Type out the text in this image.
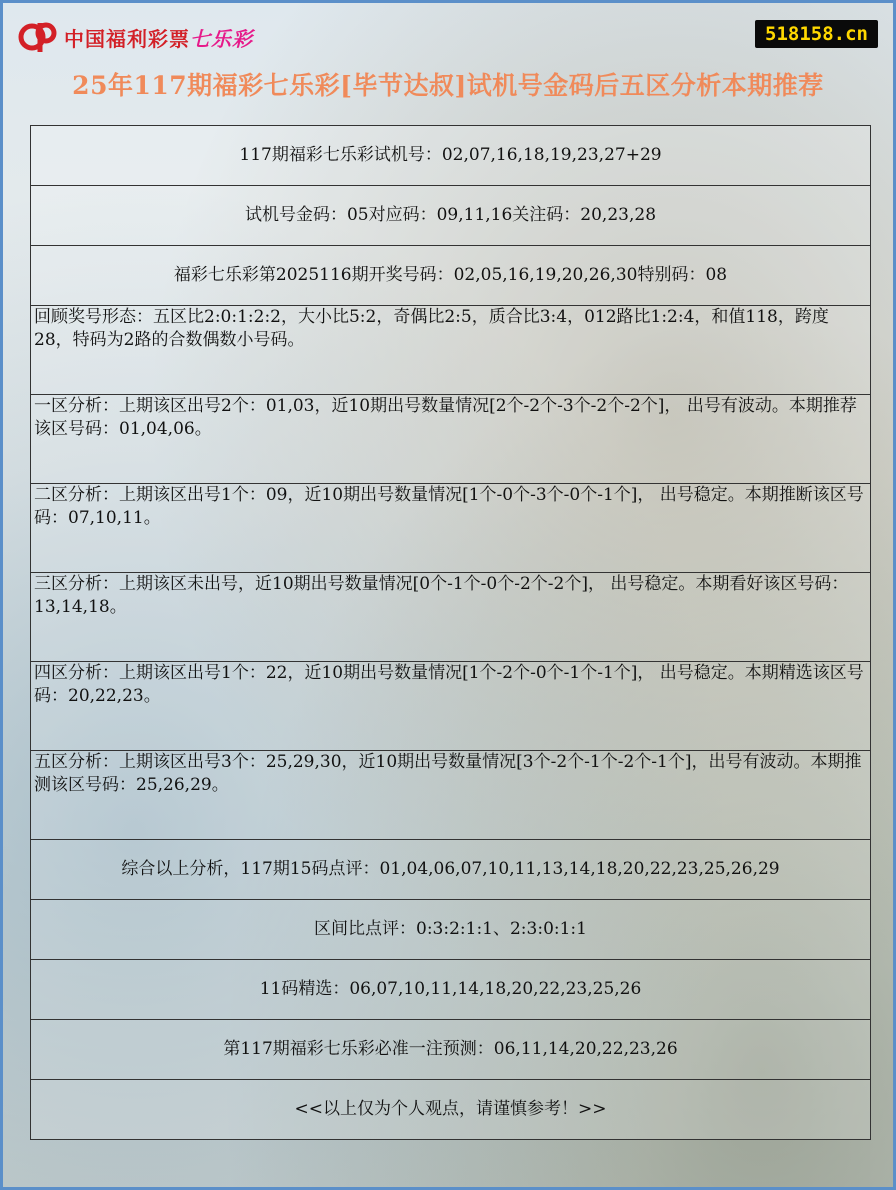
中国福利彩票七乐彩	518158.cn
25年117期福彩七乐彩[毕节达叔]试机号金码后五区分析本期推荐
117期福彩七乐彩试机号：02,07,16,18,19,23,27+29
试机号金码：05对应码：09,11,16关注码：20,23,28
福彩七乐彩第2025116期开奖号码：02,05,16,19,20,26,30特别码：08
回顾奖号形态：五区比2:0:1:2:2，大小比5:2，奇偶比2:5，质合比3:4，012路比1:2:4，和值118，跨度28，特码为2路的合数偶数小号码。
一区分析：上期该区出号2个：01,03，近10期出号数量情况[2个-2个-3个-2个-2个]， 出号有波动。本期推荐该区号码：01,04,06。
二区分析：上期该区出号1个：09，近10期出号数量情况[1个-0个-3个-0个-1个]， 出号稳定。本期推断该区号码：07,10,11。
三区分析：上期该区未出号，近10期出号数量情况[0个-1个-0个-2个-2个]， 出号稳定。本期看好该区号码：13,14,18。
四区分析：上期该区出号1个：22，近10期出号数量情况[1个-2个-0个-1个-1个]， 出号稳定。本期精选该区号码：20,22,23。
五区分析：上期该区出号3个：25,29,30，近10期出号数量情况[3个-2个-1个-2个-1个]，出号有波动。本期推测该区号码：25,26,29。
综合以上分析，117期15码点评：01,04,06,07,10,11,13,14,18,20,22,23,25,26,29
区间比点评：0:3:2:1:1、2:3:0:1:1
11码精选：06,07,10,11,14,18,20,22,23,25,26
第117期福彩七乐彩必准一注预测：06,11,14,20,22,23,26
<<以上仅为个人观点，请谨慎参考！>>
